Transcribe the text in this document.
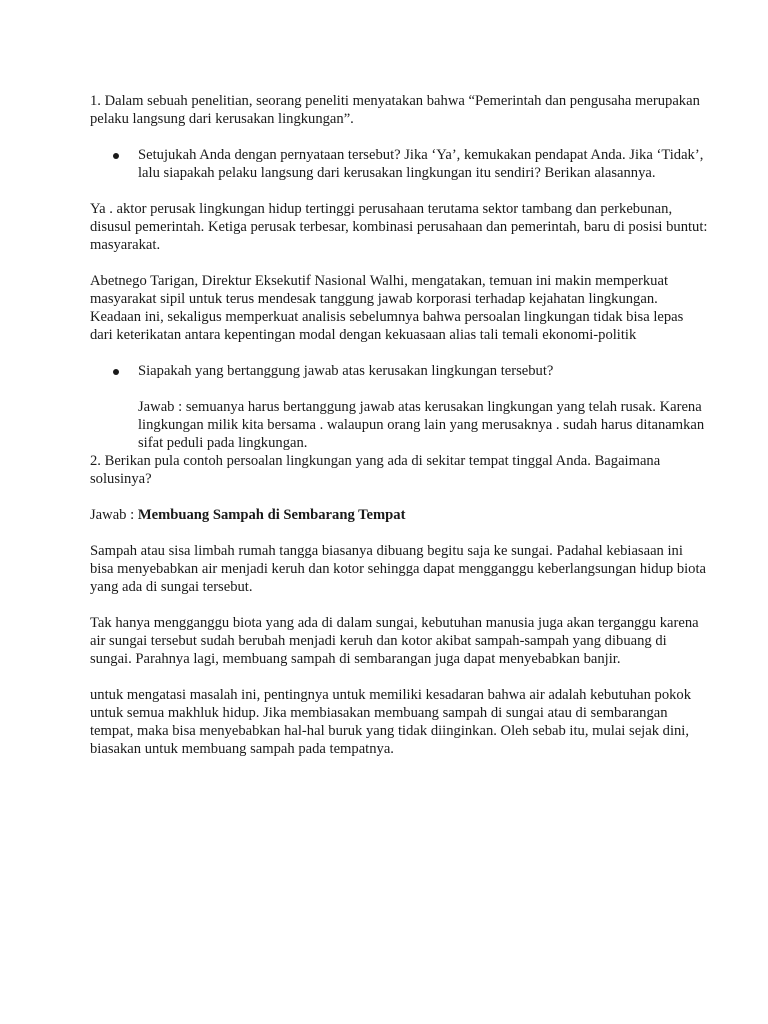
1. Dalam sebuah penelitian, seorang peneliti menyatakan bahwa “Pemerintah dan pengusaha merupakan pelaku langsung dari kerusakan lingkungan”.

Setujukah Anda dengan pernyataan tersebut? Jika ‘Ya’, kemukakan pendapat Anda. Jika ‘Tidak’, lalu siapakah pelaku langsung dari kerusakan lingkungan itu sendiri? Berikan alasannya.

Ya . aktor perusak lingkungan hidup tertinggi perusahaan terutama sektor tambang dan perkebunan, disusul pemerintah. Ketiga perusak terbesar, kombinasi perusahaan dan pemerintah, baru di posisi buntut: masyarakat.

Abetnego Tarigan, Direktur Eksekutif Nasional Walhi, mengatakan, temuan ini makin memperkuat masyarakat sipil untuk terus mendesak tanggung jawab korporasi terhadap kejahatan lingkungan. Keadaan ini, sekaligus memperkuat analisis sebelumnya bahwa persoalan lingkungan tidak bisa lepas dari keterikatan antara kepentingan modal dengan kekuasaan alias tali temali ekonomi-politik

Siapakah yang bertanggung jawab atas kerusakan lingkungan tersebut?

Jawab : semuanya harus bertanggung jawab atas kerusakan lingkungan yang telah rusak. Karena lingkungan milik kita bersama . walaupun orang lain yang merusaknya . sudah harus ditanamkan sifat peduli pada lingkungan.

2. Berikan pula contoh persoalan lingkungan yang ada di sekitar tempat tinggal Anda. Bagaimana solusinya?

Jawab : Membuang Sampah di Sembarang Tempat

Sampah atau sisa limbah rumah tangga biasanya dibuang begitu saja ke sungai. Padahal kebiasaan ini bisa menyebabkan air menjadi keruh dan kotor sehingga dapat mengganggu keberlangsungan hidup biota yang ada di sungai tersebut.

Tak hanya mengganggu biota yang ada di dalam sungai, kebutuhan manusia juga akan terganggu karena air sungai tersebut sudah berubah menjadi keruh dan kotor akibat sampah-sampah yang dibuang di sungai. Parahnya lagi, membuang sampah di sembarangan juga dapat menyebabkan banjir.

untuk mengatasi masalah ini, pentingnya untuk memiliki kesadaran bahwa air adalah kebutuhan pokok untuk semua makhluk hidup. Jika membiasakan membuang sampah di sungai atau di sembarangan tempat, maka bisa menyebabkan hal-hal buruk yang tidak diinginkan. Oleh sebab itu, mulai sejak dini, biasakan untuk membuang sampah pada tempatnya.
